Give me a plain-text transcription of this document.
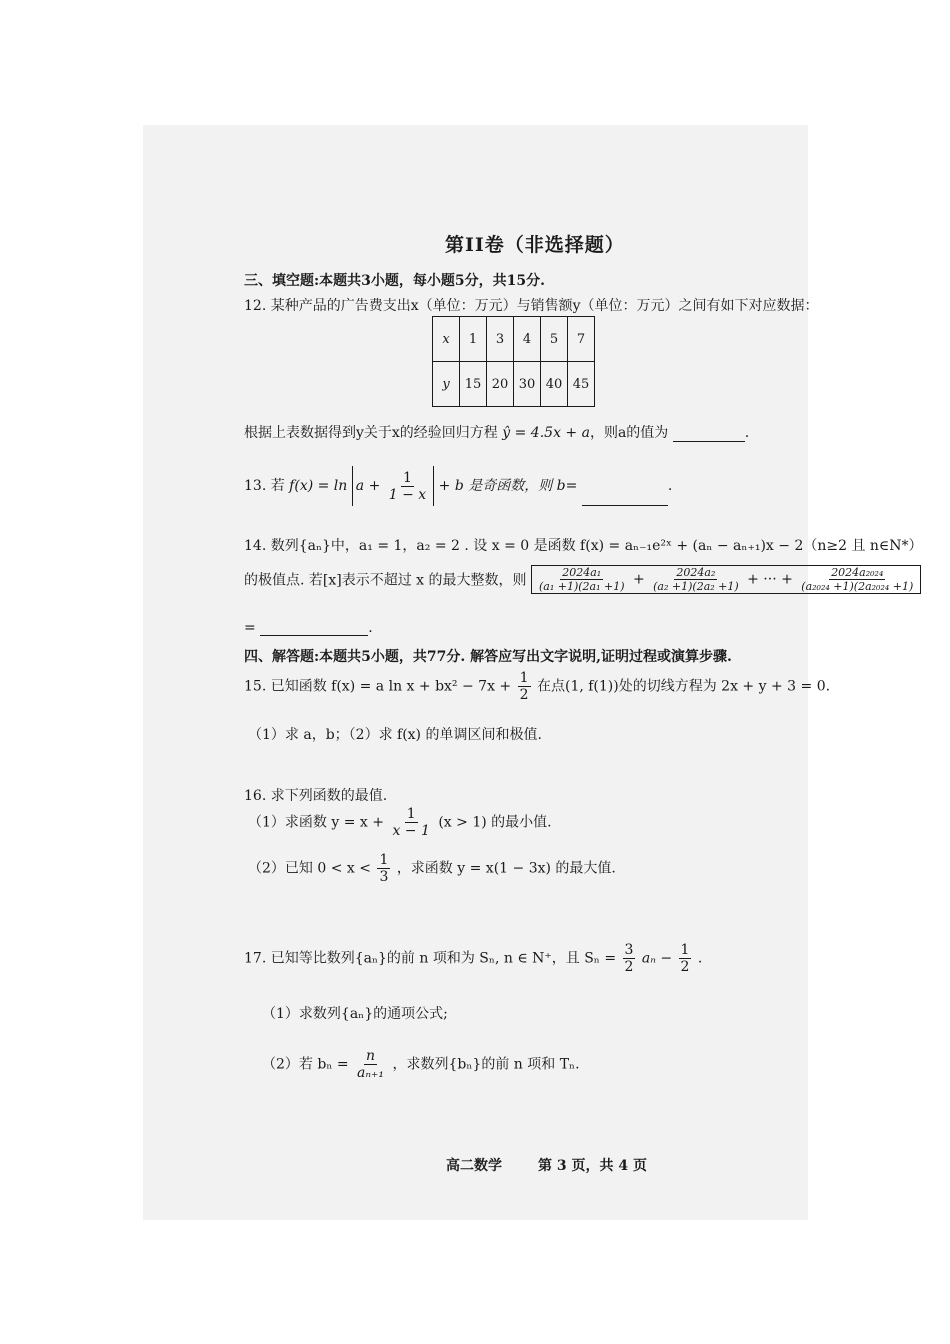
第II卷（非选择题）
三、填空题:本题共3小题，每小题5分，共15分.
12. 某种产品的广告费支出x（单位：万元）与销售额y（单位：万元）之间有如下对应数据：
x	1	3	4	5	7
y	15	20	30	40	45
根据上表数据得到y关于x的经验回归方程 ŷ = 4.5x + a，则a的值为	.
13. 若 $f(x) = \ln a + \frac{1}{1 - x} + b$ 是奇函数，则 b=	.
14. 数列{aₙ}中，a₁ = 1，a₂ = 2 . 设 x = 0 是函数 f(x) = aₙ₋₁e²ˣ + (aₙ − aₙ₊₁)x − 2（n≥2 且 n∈N*）
的极值点. 若[x]表示不超过 x 的最大整数，则 $\frac{\text{2024a₁}}{\text{(a₁ +1)(2a₁ +1)}} + \frac{\text{2024a₂}}{\text{(a₂ +1)(2a₂ +1)}}$ + ··· + $\frac{\text{2024a₂₀₂₄}}{\text{(a₂₀₂₄ +1)(2a₂₀₂₄ +1)}}$
=	.
四、解答题:本题共5小题，共77分. 解答应写出文字说明,证明过程或演算步骤.
15. 已知函数 f(x) = a $\ln x + bx^2 - 7x + \frac{1}{2}$ 在点(1, f(1))处的切线方程为 2x + y + 3 = 0.
（1）求 a，b；（2）求 f(x) 的单调区间和极值.
16. 求下列函数的最值.
（1）求函数 $y = x + \frac{1}{x - 1} (x > 1)$ 的最小值.
（2）已知 $0 < x < \frac{1}{3}$ ，求函数 y = x(1 − 3x) 的最大值.
17. 已知等比数列{aₙ}的前 n 项和为 Sₙ, n ∈ N⁺，且 $S_n = \frac{3}{2}$ $a_n - \frac{1}{2}$ .
（1）求数列{aₙ}的通项公式;
（2）若 $b_n = \frac{n}{\text{aₙ₊₁}}$ ，求数列{bₙ}的前 n 项和 Tₙ.
高二数学	第 3 页，共 4 页
